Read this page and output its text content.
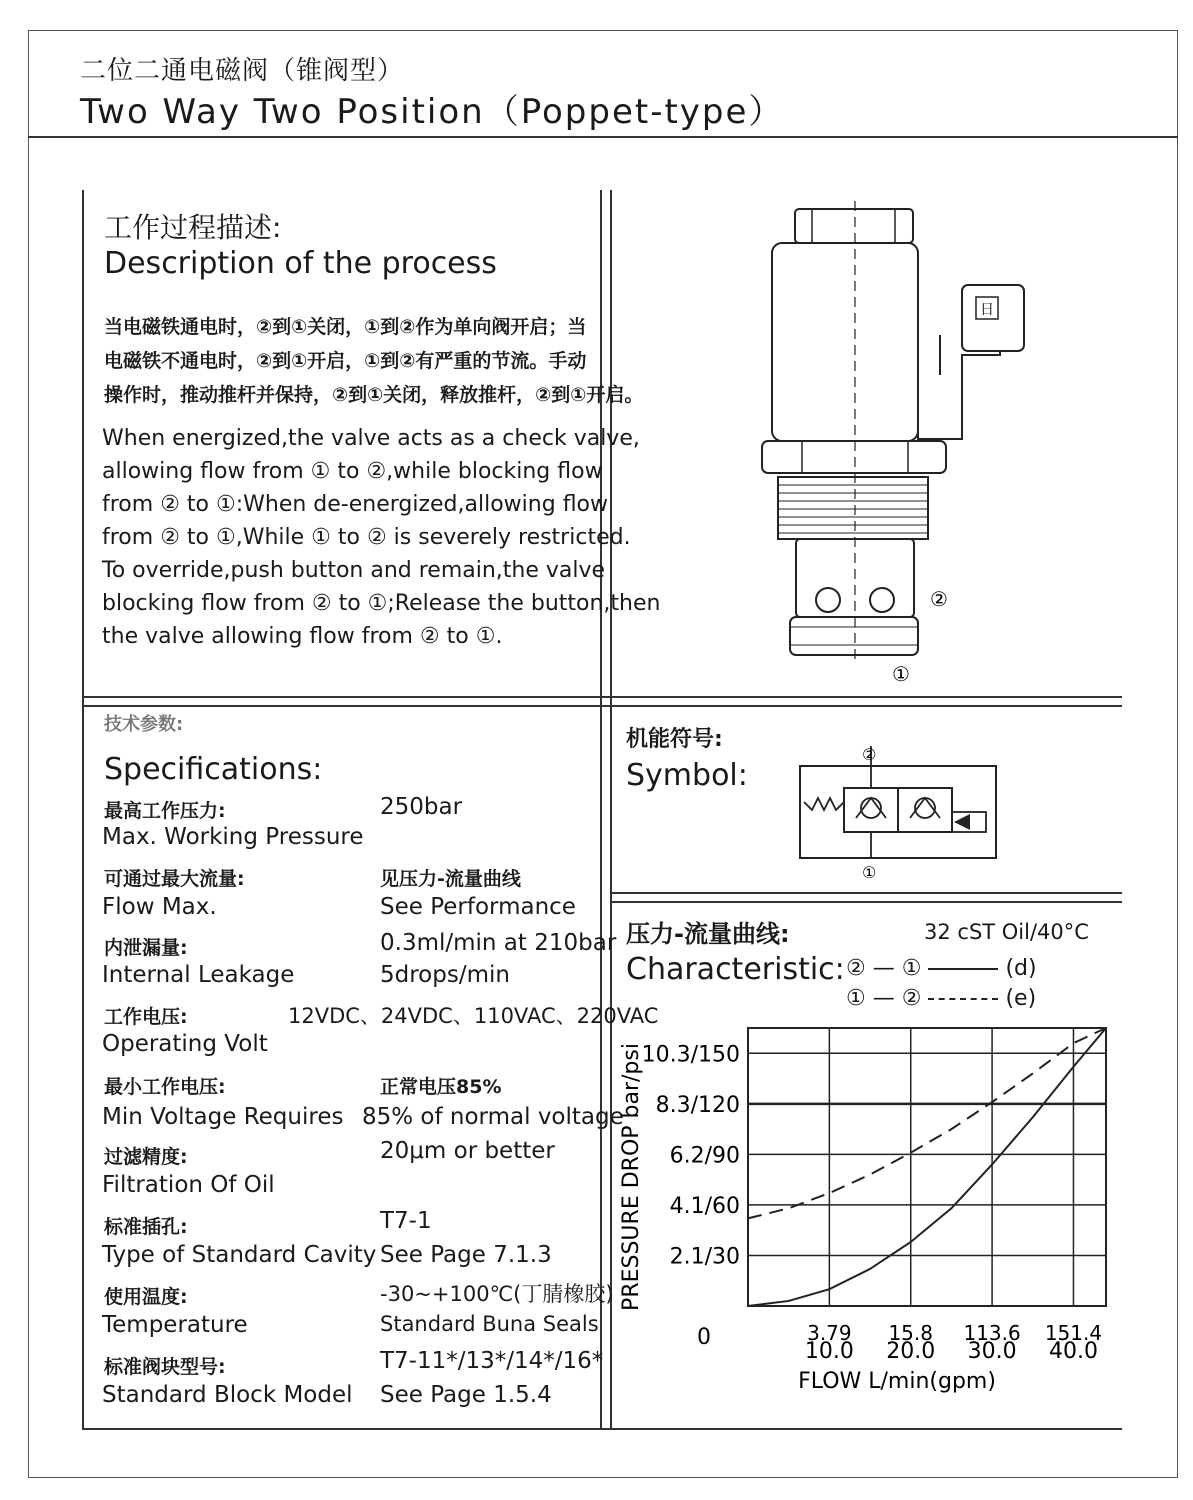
二位二通电磁阀（锥阀型）
Two Way Two Position（Poppet-type）
工作过程描述:
Description of the process
当电磁铁通电时，②到①关闭，①到②作为单向阀开启；当
电磁铁不通电时，②到①开启，①到②有严重的节流。手动
操作时，推动推杆并保持，②到①关闭，释放推杆，②到①开启。
When energized,the valve acts as a check valve,
allowing flow from ① to ②,while blocking flow
from ② to ①:When de-energized,allowing flow
from ② to ①,While ① to ② is severely restricted.
To override,push button and remain,the valve
blocking flow from ② to ①;Release the button,then
the valve allowing flow from ② to ①.
日
②
①
技术参数:
Specifications:
最高工作压力:
Max. Working Pressure
250bar
可通过最大流量:
Flow Max.
见压力-流量曲线
See Performance
内泄漏量:
Internal Leakage
0.3ml/min at 210bar
5drops/min
工作电压:
Operating Volt
12VDC、24VDC、110VAC、220VAC
最小工作电压:
Min Voltage Requires
正常电压85%
85% of normal voltage
过滤精度:
Filtration Of Oil
20μm or better
标准插孔:
Type of Standard Cavity
T7-1
See Page 7.1.3
使用温度:
Temperature
-30~+100℃(丁腈橡胶)
Standard Buna Seals
标准阀块型号:
Standard Block Model
T7-11*/13*/14*/16*
See Page 1.5.4
机能符号:
Symbol:
②
①
压力-流量曲线:
Characteristic:
32 cST Oil/40°C
② — ①	(d)
① — ②	(e)
10.3/150
8.3/120
6.2/90
4.1/60
2.1/30
3.79
10.0
15.8
20.0
113.6
30.0
151.4
40.0
0
PRESSURE DROP bar/psi
FLOW L/min(gpm)
